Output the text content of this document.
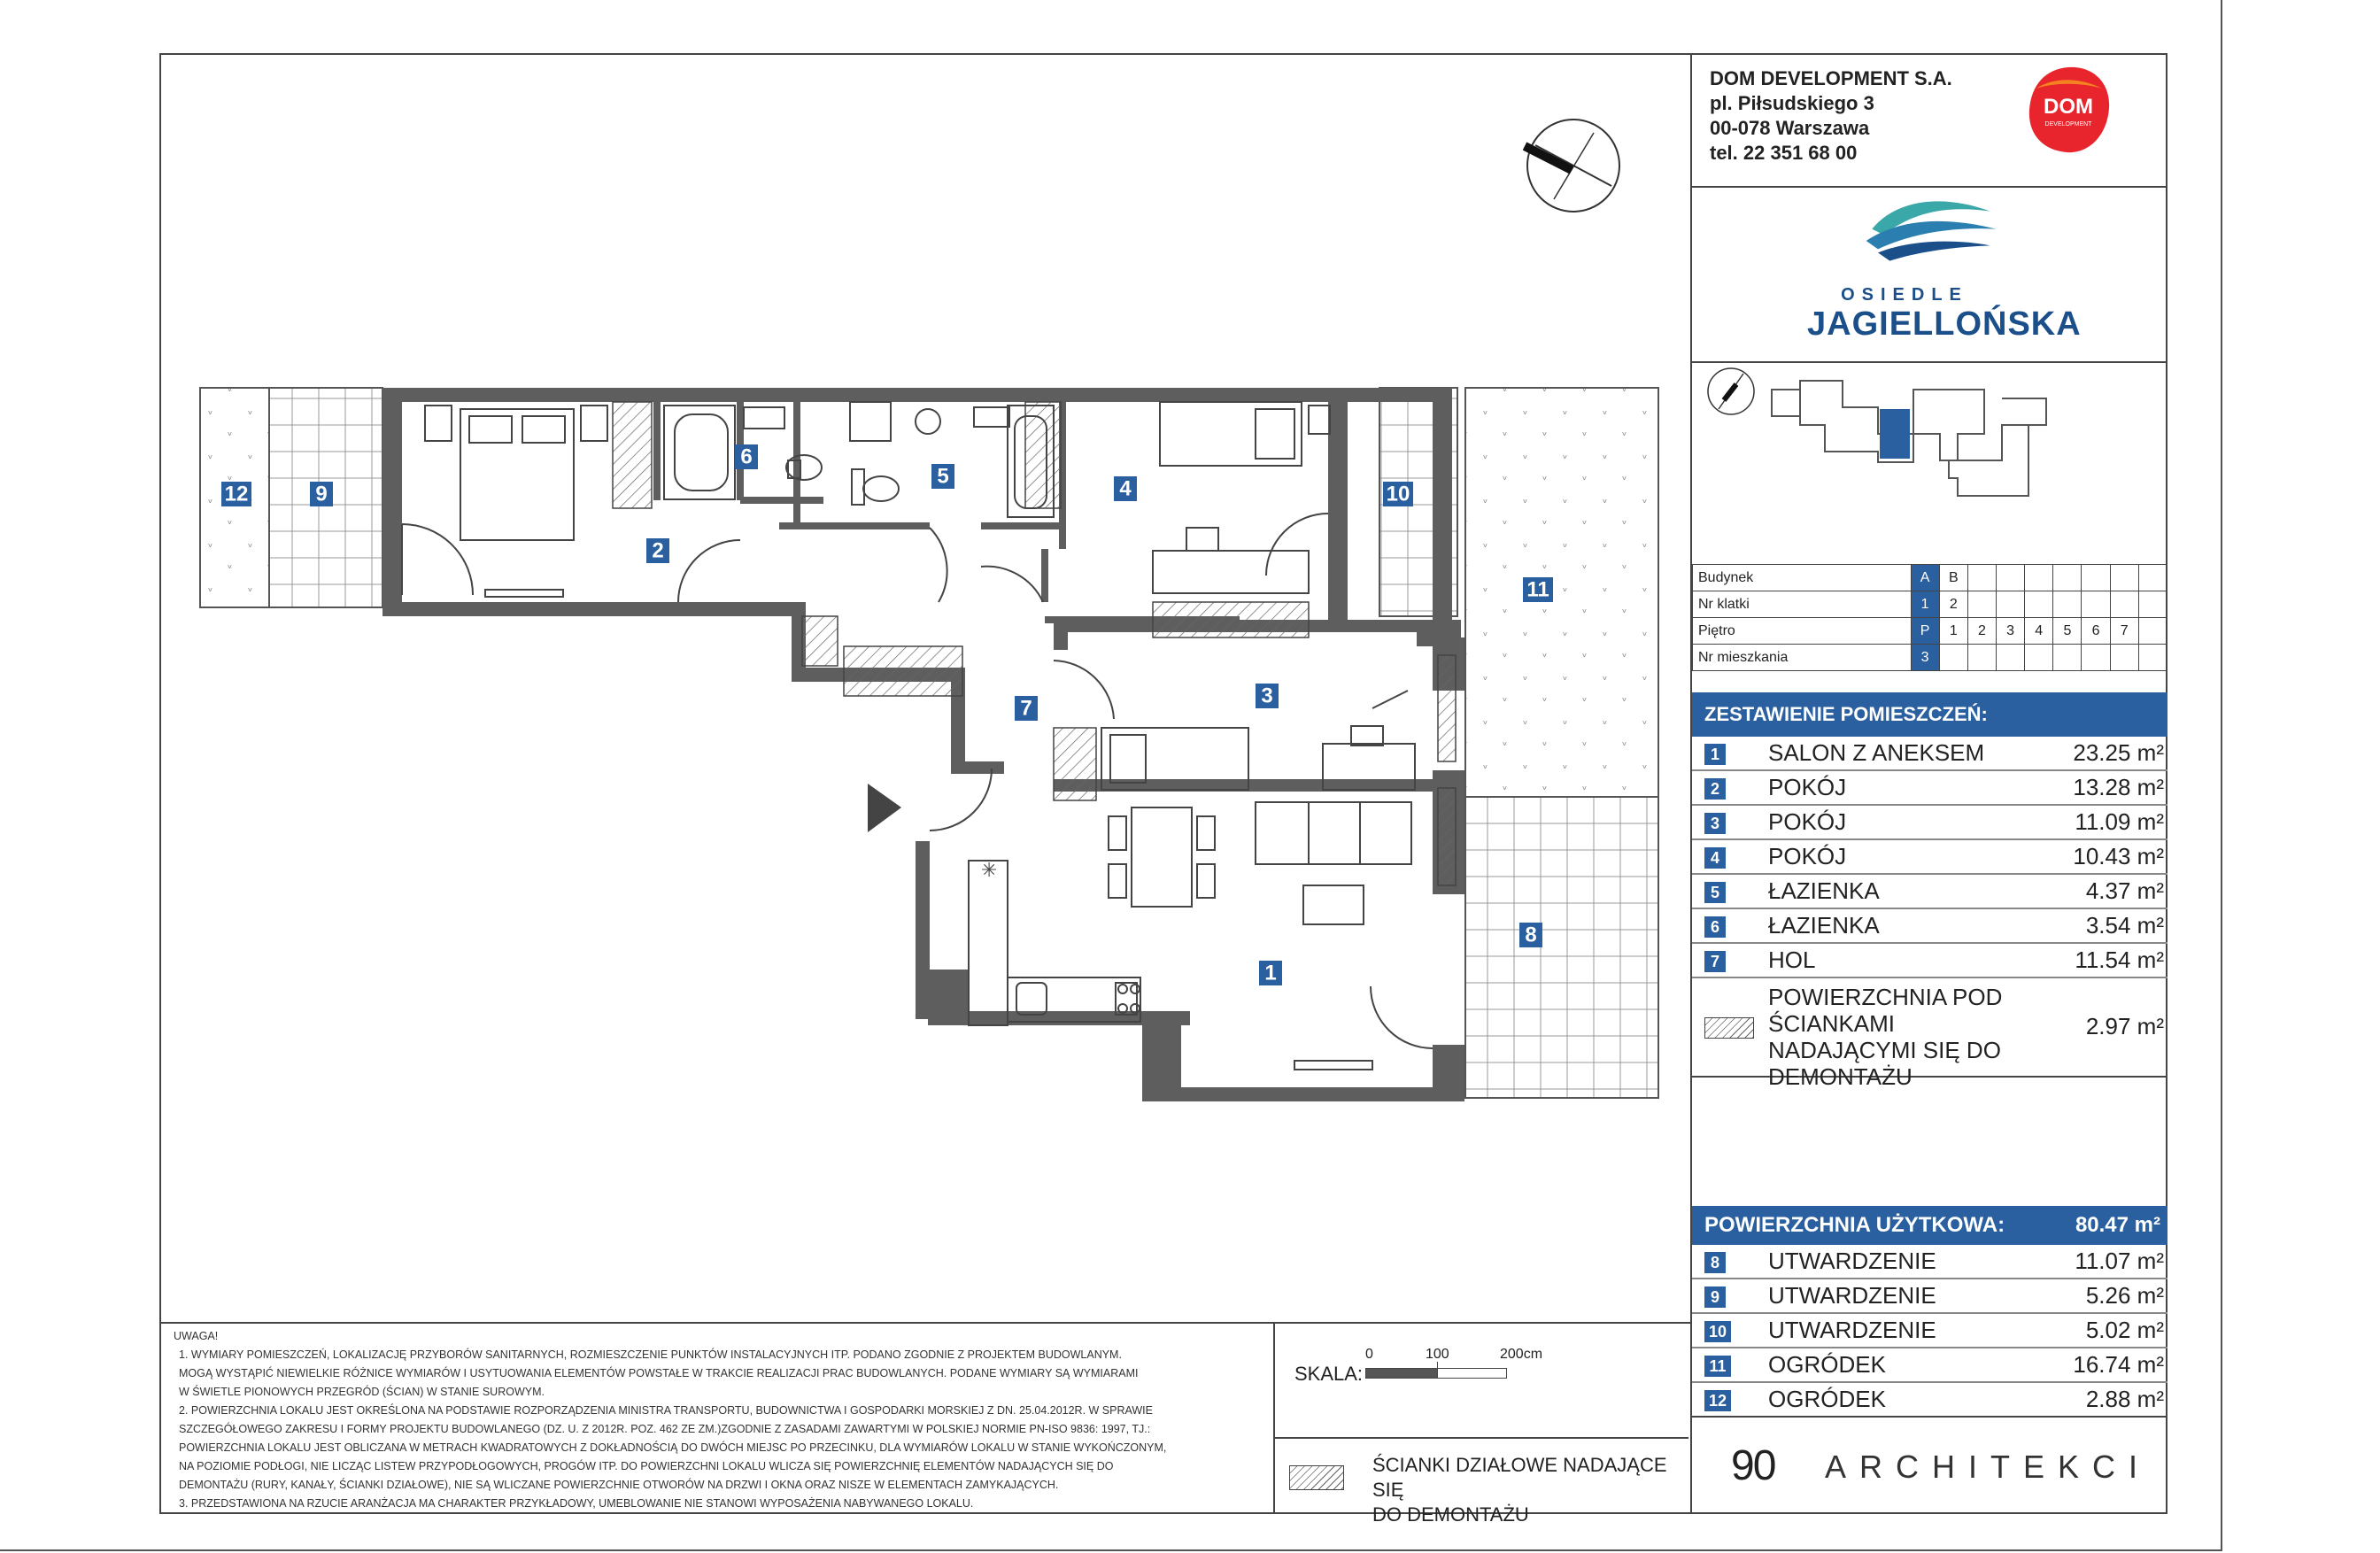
✳
1
2
3
4
5
6
7
8
9	10
11
12
DOM DEVELOPMENT S.A.
pl. Piłsudskiego 3
00-078 Warszawa
tel. 22 351 68 00
DOM
DEVELOPMENT
OSIEDLE
JAGIELLOŃSKA
Budynek	A	B							
Nr klatki	1	2							
Piętro	P	1	2	3	4	5	6	7	
Nr mieszkania	3								
ZESTAWIENIE POMIESZCZEŃ:
1 SALON Z ANEKSEM	23.25 m²
2 POKÓJ	13.28 m²
3 POKÓJ	11.09 m²
4 POKÓJ	10.43 m²
5 ŁAZIENKA	4.37 m²
6 ŁAZIENKA	3.54 m²
7 HOL	11.54 m²
POWIERZCHNIA POD ŚCIANKAMI NADAJĄCYMI SIĘ DO DEMONTAŻU
2.97 m²
POWIERZCHNIA UŻYTKOWA:	80.47 m²
8 UTWARDZENIE	11.07 m²
9 UTWARDZENIE	5.26 m²
10 UTWARDZENIE	5.02 m²
11 OGRÓDEK	16.74 m²
12 OGRÓDEK	2.88 m²
90 ARCHITEKCI

UWAGA!

1. WYMIARY POMIESZCZEŃ, LOKALIZACJĘ PRZYBORÓW SANITARNYCH, ROZMIESZCZENIE PUNKTÓW INSTALACYJNYCH ITP. PODANO ZGODNIE Z PROJEKTEM BUDOWLANYM.

MOGĄ WYSTĄPIĆ NIEWIELKIE RÓŻNICE WYMIARÓW I USYTUOWANIA ELEMENTÓW POWSTAŁE W TRAKCIE REALIZACJI PRAC BUDOWLANYCH. PODANE WYMIARY SĄ WYMIARAMI

W ŚWIETLE PIONOWYCH PRZEGRÓD (ŚCIAN) W STANIE SUROWYM.

2. POWIERZCHNIA LOKALU JEST OKREŚLONA NA PODSTAWIE ROZPORZĄDZENIA MINISTRA TRANSPORTU, BUDOWNICTWA I GOSPODARKI MORSKIEJ Z DN. 25.04.2012R. W SPRAWIE

SZCZEGÓŁOWEGO ZAKRESU I FORMY PROJEKTU BUDOWLANEGO (DZ. U. Z 2012R. POZ. 462 ZE ZM.)ZGODNIE Z ZASADAMI ZAWARTYMI W POLSKIEJ NORMIE PN-ISO 9836: 1997, TJ.:

POWIERZCHNIA LOKALU JEST OBLICZANA W METRACH KWADRATOWYCH Z DOKŁADNOŚCIĄ DO DWÓCH MIEJSC PO PRZECINKU, DLA WYMIARÓW LOKALU W STANIE WYKOŃCZONYM,

NA POZIOMIE PODŁOGI, NIE LICZĄC LISTEW PRZYPODŁOGOWYCH, PROGÓW ITP. DO POWIERZCHNI LOKALU WLICZA SIĘ POWIERZCHNIĘ ELEMENTÓW NADAJĄCYCH SIĘ DO

DEMONTAŻU (RURY, KANAŁY, ŚCIANKI DZIAŁOWE), NIE SĄ WLICZANE POWIERZCHNIE OTWORÓW NA DRZWI I OKNA ORAZ NISZE W ELEMENTACH ZAMYKAJĄCYCH.

3. PRZEDSTAWIONA NA RZUCIE ARANŻACJA MA CHARAKTER PRZYKŁADOWY, UMEBLOWANIE NIE STANOWI WYPOSAŻENIA NABYWANEGO LOKALU.

SKALA:
0	100	200cm
ŚCIANKI DZIAŁOWE NADAJĄCE SIĘ
DO DEMONTAŻU
